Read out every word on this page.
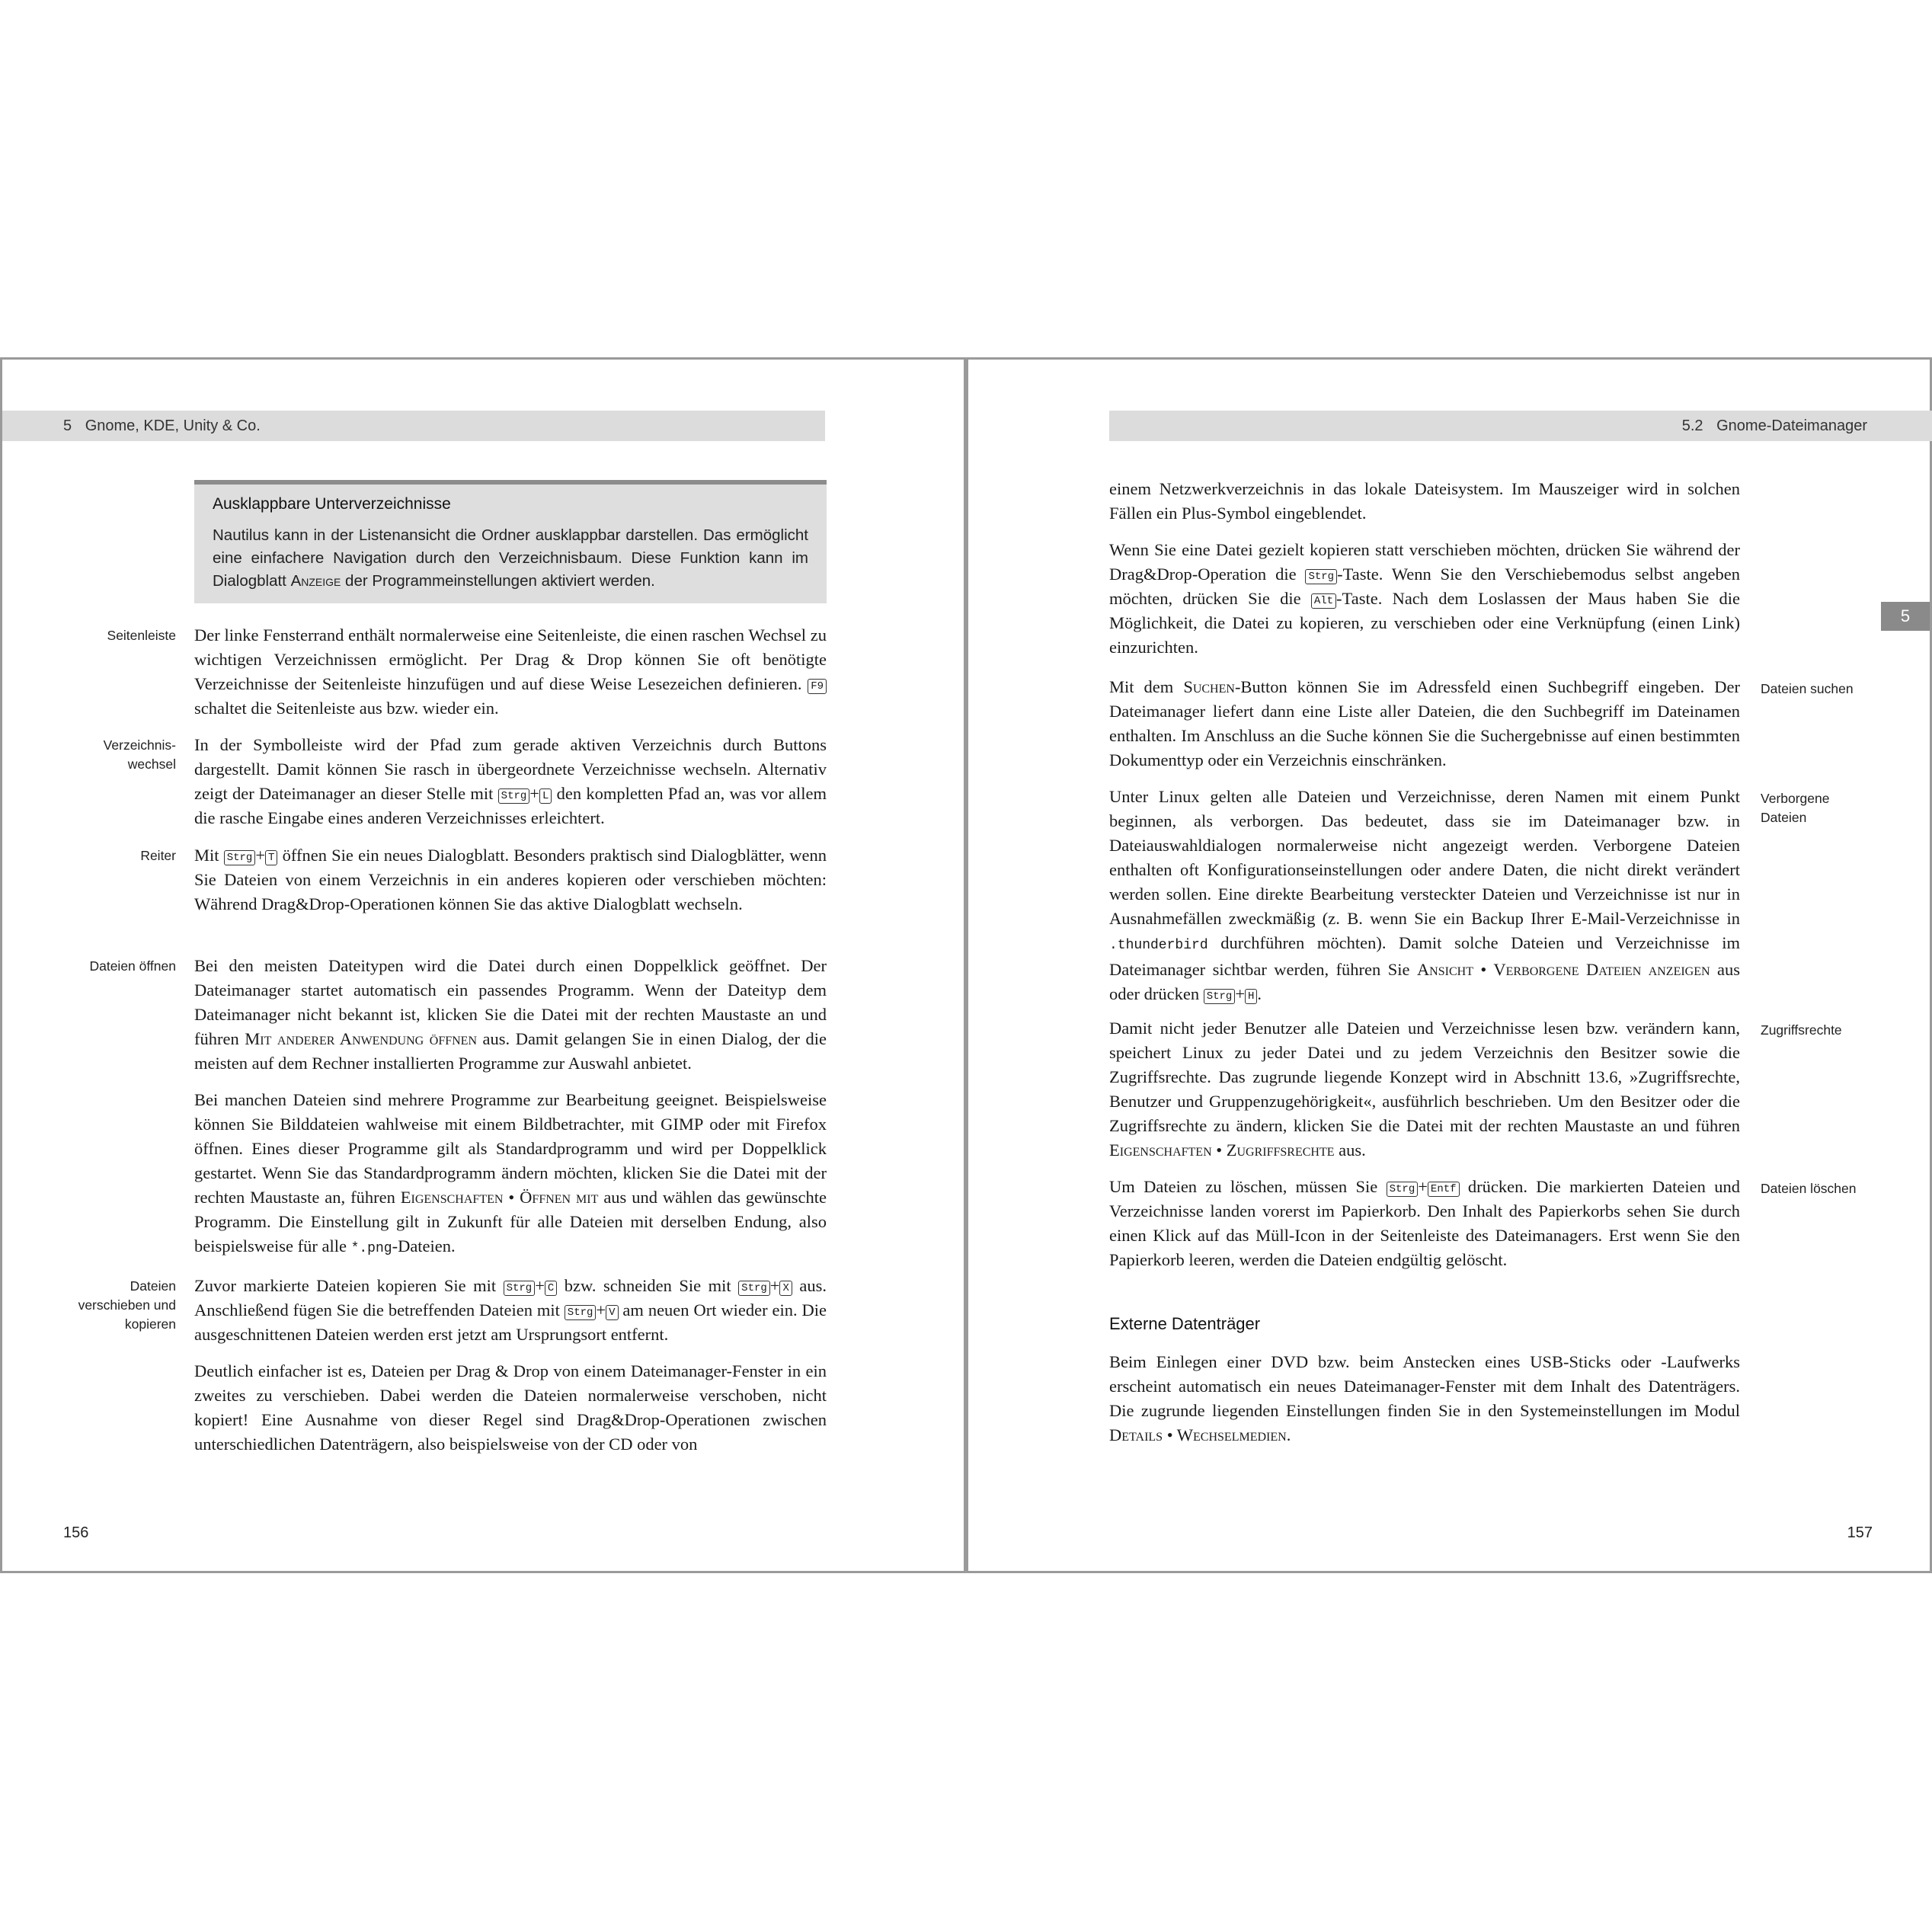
5 Gnome, KDE, Unity & Co.
Ausklappbare Unterverzeichnisse

Nautilus kann in der Listenansicht die Ordner ausklappbar darstellen. Das ermöglicht eine einfachere Navigation durch den Verzeichnisbaum. Diese Funktion kann im Dialogblatt Anzeige der Programmeinstellungen aktiviert werden.

Seitenleiste Der linke Fensterrand enthält normalerweise eine Seitenleiste, die einen raschen Wechsel zu wichtigen Verzeichnissen ermöglicht. Per Drag & Drop können Sie oft benötigte Verzeichnisse der Seitenleiste hinzufügen und auf diese Weise Lesezeichen definieren. F9 schaltet die Seitenleiste aus bzw. wieder ein.

Verzeichnis-
wechsel

In der Symbolleiste wird der Pfad zum gerade aktiven Verzeichnis durch Buttons dargestellt. Damit können Sie rasch in übergeordnete Verzeichnisse wechseln. Alternativ zeigt der Dateimanager an dieser Stelle mit Strg + L den kompletten Pfad an, was vor allem die rasche Eingabe eines anderen Verzeichnisses erleichtert.

Reiter Mit Strg + T öffnen Sie ein neues Dialogblatt. Besonders praktisch sind Dialogblätter, wenn Sie Dateien von einem Verzeichnis in ein anderes kopieren oder verschieben möchten: Während Drag&Drop-Operationen können Sie das aktive Dialogblatt wechseln.

Dateien öffnen Bei den meisten Dateitypen wird die Datei durch einen Doppelklick geöffnet. Der Dateimanager startet automatisch ein passendes Programm. Wenn der Dateityp dem Dateimanager nicht bekannt ist, klicken Sie die Datei mit der rechten Maustaste an und führen Mit anderer Anwendung öffnen aus. Damit gelangen Sie in einen Dialog, der die meisten auf dem Rechner installierten Programme zur Auswahl anbietet.

Bei manchen Dateien sind mehrere Programme zur Bearbeitung geeignet. Beispielsweise können Sie Bilddateien wahlweise mit einem Bildbetrachter, mit GIMP oder mit Firefox öffnen. Eines dieser Programme gilt als Standardprogramm und wird per Doppelklick gestartet. Wenn Sie das Standardprogramm ändern möchten, klicken Sie die Datei mit der rechten Maustaste an, führen Eigenschaften • Öffnen mit aus und wählen das gewünschte Programm. Die Einstellung gilt in Zukunft für alle Dateien mit derselben Endung, also beispielsweise für alle *.png-Dateien.

Dateien
verschieben und
kopieren

Zuvor markierte Dateien kopieren Sie mit Strg + C bzw. schneiden Sie mit Strg + X aus. Anschließend fügen Sie die betreffenden Dateien mit Strg + V am neuen Ort wieder ein. Die ausgeschnittenen Dateien werden erst jetzt am Ursprungsort entfernt.

Deutlich einfacher ist es, Dateien per Drag & Drop von einem Dateimanager-Fenster in ein zweites zu verschieben. Dabei werden die Dateien normalerweise verschoben, nicht kopiert! Eine Ausnahme von dieser Regel sind Drag&Drop-Operationen zwischen unterschiedlichen Datenträgern, also beispielsweise von der CD oder von

156
5.2 Gnome-Dateimanager
5

einem Netzwerkverzeichnis in das lokale Dateisystem. Im Mauszeiger wird in solchen Fällen ein Plus-Symbol eingeblendet.

Wenn Sie eine Datei gezielt kopieren statt verschieben möchten, drücken Sie während der Drag&Drop-Operation die Strg -Taste. Wenn Sie den Verschiebemodus selbst angeben möchten, drücken Sie die Alt -Taste. Nach dem Loslassen der Maus haben Sie die Möglichkeit, die Datei zu kopieren, zu verschieben oder eine Verknüpfung (einen Link) einzurichten.

Dateien suchen

Mit dem Suchen-Button können Sie im Adressfeld einen Suchbegriff eingeben. Der Dateimanager liefert dann eine Liste aller Dateien, die den Suchbegriff im Dateinamen enthalten. Im Anschluss an die Suche können Sie die Suchergebnisse auf einen bestimmten Dokumenttyp oder ein Verzeichnis einschränken.

Verborgene
Dateien

Unter Linux gelten alle Dateien und Verzeichnisse, deren Namen mit einem Punkt beginnen, als verborgen. Das bedeutet, dass sie im Dateimanager bzw. in Dateiauswahldialogen normalerweise nicht angezeigt werden. Verborgene Dateien enthalten oft Konfigurationseinstellungen oder andere Daten, die nicht direkt verändert werden sollen. Eine direkte Bearbeitung versteckter Dateien und Verzeichnisse ist nur in Ausnahmefällen zweckmäßig (z. B. wenn Sie ein Backup Ihrer E-Mail-Verzeichnisse in .thunderbird durchführen möchten). Damit solche Dateien und Verzeichnisse im Dateimanager sichtbar werden, führen Sie Ansicht • Verborgene Dateien anzeigen aus oder drücken Strg + H .

Zugriffsrechte

Damit nicht jeder Benutzer alle Dateien und Verzeichnisse lesen bzw. verändern kann, speichert Linux zu jeder Datei und zu jedem Verzeichnis den Besitzer sowie die Zugriffsrechte. Das zugrunde liegende Konzept wird in Abschnitt 13.6, »Zugriffsrechte, Benutzer und Gruppenzugehörigkeit«, ausführlich beschrieben. Um den Besitzer oder die Zugriffsrechte zu ändern, klicken Sie die Datei mit der rechten Maustaste an und führen Eigenschaften • Zugriffsrechte aus.

Dateien löschen

Um Dateien zu löschen, müssen Sie Strg + Entf drücken. Die markierten Dateien und Verzeichnisse landen vorerst im Papierkorb. Den Inhalt des Papierkorbs sehen Sie durch einen Klick auf das Müll-Icon in der Seitenleiste des Dateimanagers. Erst wenn Sie den Papierkorb leeren, werden die Dateien endgültig gelöscht.

Externe Datenträger

Beim Einlegen einer DVD bzw. beim Anstecken eines USB-Sticks oder -Laufwerks erscheint automatisch ein neues Dateimanager-Fenster mit dem Inhalt des Datenträgers. Die zugrunde liegenden Einstellungen finden Sie in den Systemeinstellungen im Modul Details • Wechselmedien.

157
